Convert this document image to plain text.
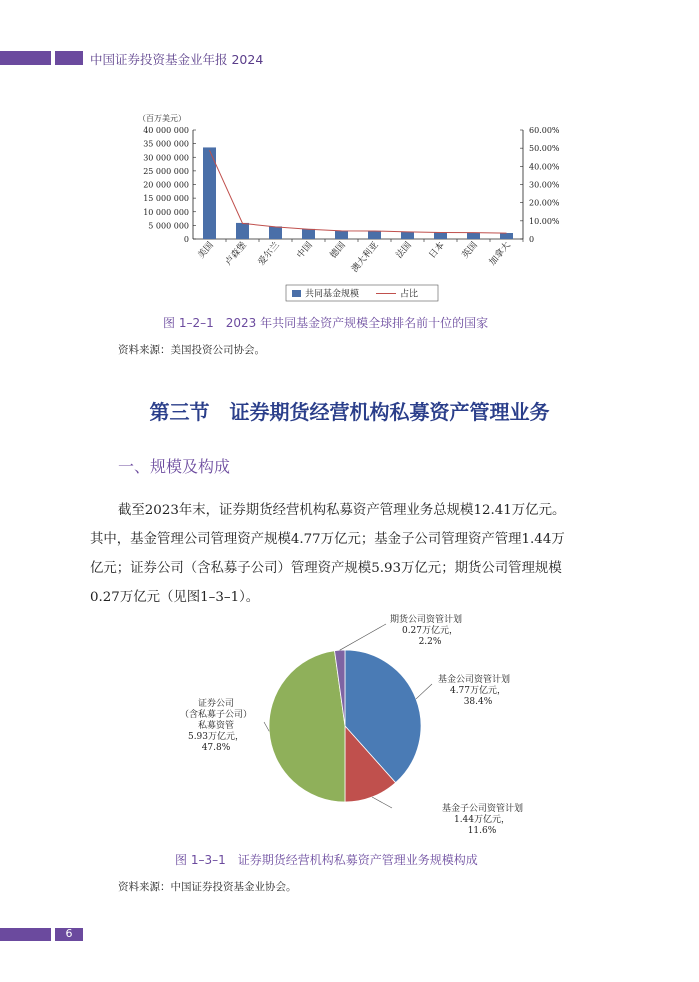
中国证券投资基金业年报 2024
（百万美元）
40 000 000
35 000 000
30 000 000
25 000 000
20 000 000
15 000 000
10 000 000
5 000 000
0
60.00%
50.00%
40.00%
30.00%
20.00%
10.00%
0
美国 卢森堡 爱尔兰 中国 德国 澳大利亚 法国 日本 英国 加拿大
共同基金规模	占比
图 1–2–1　2023 年共同基金资产规模全球排名前十位的国家
资料来源：美国投资公司协会。
第三节　证券期货经营机构私募资产管理业务
一、规模及构成
截至2023年末，证券期货经营机构私募资产管理业务总规模12.41万亿元。
其中，基金管理公司管理资产规模4.77万亿元；基金子公司管理资产管理1.44万
亿元；证券公司（含私募子公司）管理资产规模5.93万亿元；期货公司管理规模
0.27万亿元（见图1–3–1）。
基金公司资管计划
4.77万亿元，
38.4%
基金子公司资管计划
1.44万亿元，
11.6%
证券公司
（含私募子公司）
私募资管
5.93万亿元，
47.8%
期货公司资管计划
0.27万亿元，
2.2%
图 1–3–1　证券期货经营机构私募资产管理业务规模构成
资料来源：中国证券投资基金业协会。
6
